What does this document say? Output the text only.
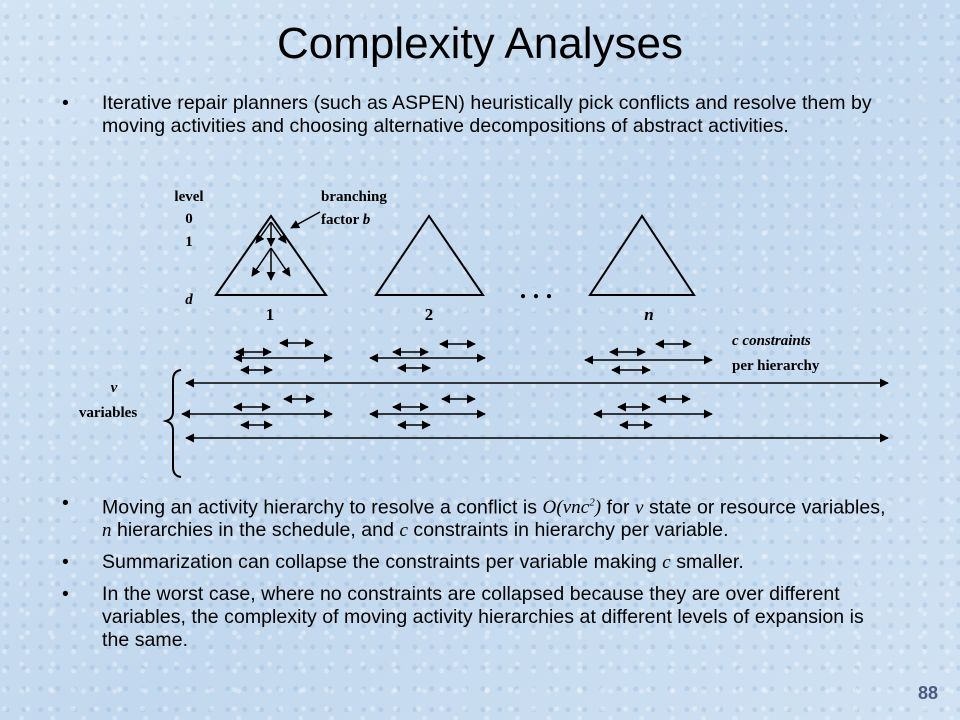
Complexity Analyses
• Iterative repair planners (such as ASPEN) heuristically pick conflicts and resolve them by moving activities and choosing alternative decompositions of abstract activities.
level
0
1
d
branching
factor b
. . .
1	2	n
c constraints
per hierarchy
v
variables
• Moving an activity hierarchy to resolve a conflict is O(vnc$^2$) for v state or resource variables, n hierarchies in the schedule, and c constraints in hierarchy per variable.
• Summarization can collapse the constraints per variable making c smaller.
• In the worst case, where no constraints are collapsed because they are over different variables, the complexity of moving activity hierarchies at different levels of expansion is the same.
88
